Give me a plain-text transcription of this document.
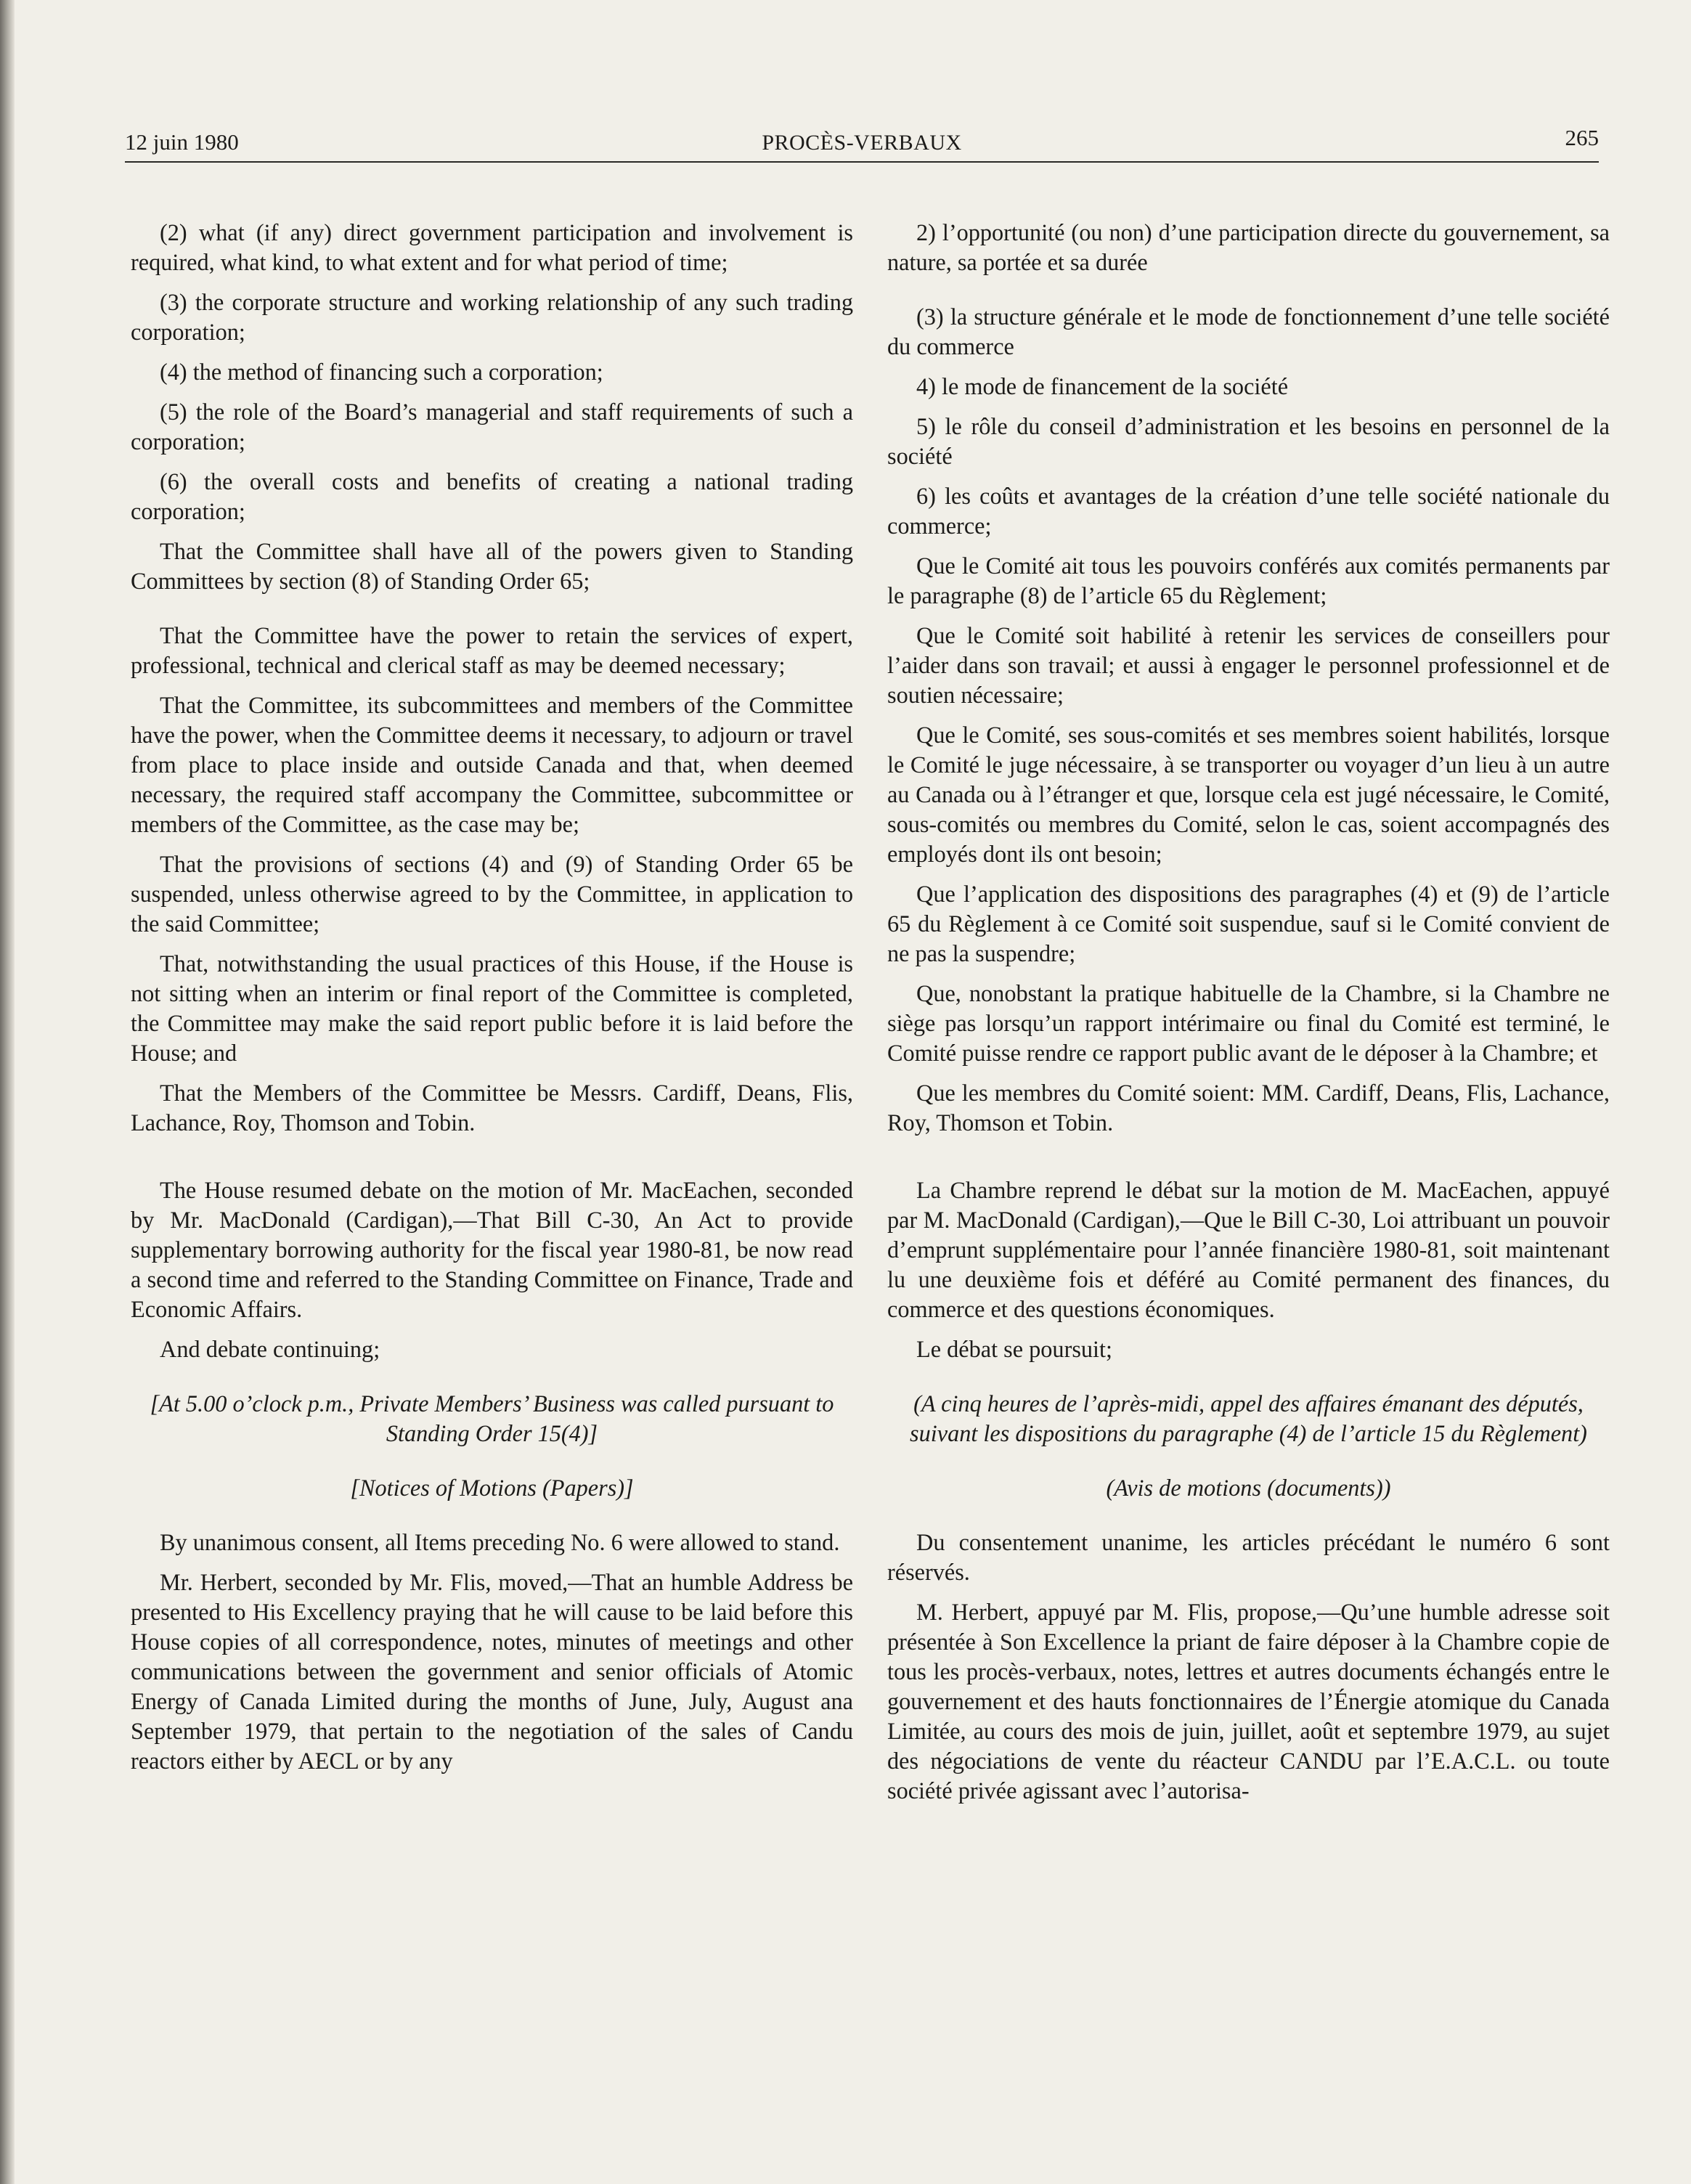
12 juin 1980	PROCÈS-VERBAUX	265

(2) what (if any) direct government participation and involvement is required, what kind, to what extent and for what period of time;

(3) the corporate structure and working relationship of any such trading corporation;

(4) the method of financing such a corporation;

(5) the role of the Board’s managerial and staff requirements of such a corporation;

(6) the overall costs and benefits of creating a national trading corporation;

That the Committee shall have all of the powers given to Standing Committees by section (8) of Standing Order 65;

That the Committee have the power to retain the services of expert, professional, technical and clerical staff as may be deemed necessary;

That the Committee, its subcommittees and members of the Committee have the power, when the Committee deems it necessary, to adjourn or travel from place to place inside and outside Canada and that, when deemed necessary, the required staff accompany the Committee, subcommittee or members of the Committee, as the case may be;

That the provisions of sections (4) and (9) of Standing Order 65 be suspended, unless otherwise agreed to by the Committee, in application to the said Committee;

That, notwithstanding the usual practices of this House, if the House is not sitting when an interim or final report of the Committee is completed, the Committee may make the said report public before it is laid before the House; and

That the Members of the Committee be Messrs. Cardiff, Deans, Flis, Lachance, Roy, Thomson and Tobin.

The House resumed debate on the motion of Mr. MacEachen, seconded by Mr. MacDonald (Cardigan),—That Bill C-30, An Act to provide supplementary borrowing authority for the fiscal year 1980-81, be now read a second time and referred to the Standing Committee on Finance, Trade and Economic Affairs.

And debate continuing;

[At 5.00 o’clock p.m., Private Members’ Business was called pursuant to Standing Order 15(4)]

[Notices of Motions (Papers)]

By unanimous consent, all Items preceding No. 6 were allowed to stand.

Mr. Herbert, seconded by Mr. Flis, moved,—That an humble Address be presented to His Excellency praying that he will cause to be laid before this House copies of all correspondence, notes, minutes of meetings and other communications between the government and senior officials of Atomic Energy of Canada Limited during the months of June, July, August ana September 1979, that pertain to the negotiation of the sales of Candu reactors either by AECL or by any

2) l’opportunité (ou non) d’une participation directe du gouvernement, sa nature, sa portée et sa durée

(3) la structure générale et le mode de fonctionnement d’une telle société du commerce

4) le mode de financement de la société

5) le rôle du conseil d’administration et les besoins en personnel de la société

6) les coûts et avantages de la création d’une telle société nationale du commerce;

Que le Comité ait tous les pouvoirs conférés aux comités permanents par le paragraphe (8) de l’article 65 du Règlement;

Que le Comité soit habilité à retenir les services de conseillers pour l’aider dans son travail; et aussi à engager le personnel professionnel et de soutien nécessaire;

Que le Comité, ses sous-comités et ses membres soient habilités, lorsque le Comité le juge nécessaire, à se transporter ou voyager d’un lieu à un autre au Canada ou à l’étranger et que, lorsque cela est jugé nécessaire, le Comité, sous-comités ou membres du Comité, selon le cas, soient accompagnés des employés dont ils ont besoin;

Que l’application des dispositions des paragraphes (4) et (9) de l’article 65 du Règlement à ce Comité soit suspendue, sauf si le Comité convient de ne pas la suspendre;

Que, nonobstant la pratique habituelle de la Chambre, si la Chambre ne siège pas lorsqu’un rapport intérimaire ou final du Comité est terminé, le Comité puisse rendre ce rapport public avant de le déposer à la Chambre; et

Que les membres du Comité soient: MM. Cardiff, Deans, Flis, Lachance, Roy, Thomson et Tobin.

La Chambre reprend le débat sur la motion de M. MacEachen, appuyé par M. MacDonald (Cardigan),—Que le Bill C-30, Loi attribuant un pouvoir d’emprunt supplémentaire pour l’année financière 1980-81, soit maintenant lu une deuxième fois et déféré au Comité permanent des finances, du commerce et des questions économiques.

Le débat se poursuit;

(A cinq heures de l’après-midi, appel des affaires émanant des députés, suivant les dispositions du paragraphe (4) de l’article 15 du Règlement)

(Avis de motions (documents))

Du consentement unanime, les articles précédant le numéro 6 sont réservés.

M. Herbert, appuyé par M. Flis, propose,—Qu’une humble adresse soit présentée à Son Excellence la priant de faire déposer à la Chambre copie de tous les procès-verbaux, notes, lettres et autres documents échangés entre le gouvernement et des hauts fonctionnaires de l’Énergie atomique du Canada Limitée, au cours des mois de juin, juillet, août et septembre 1979, au sujet des négociations de vente du réacteur CANDU par l’E.A.C.L. ou toute société privée agissant avec l’autorisa-
